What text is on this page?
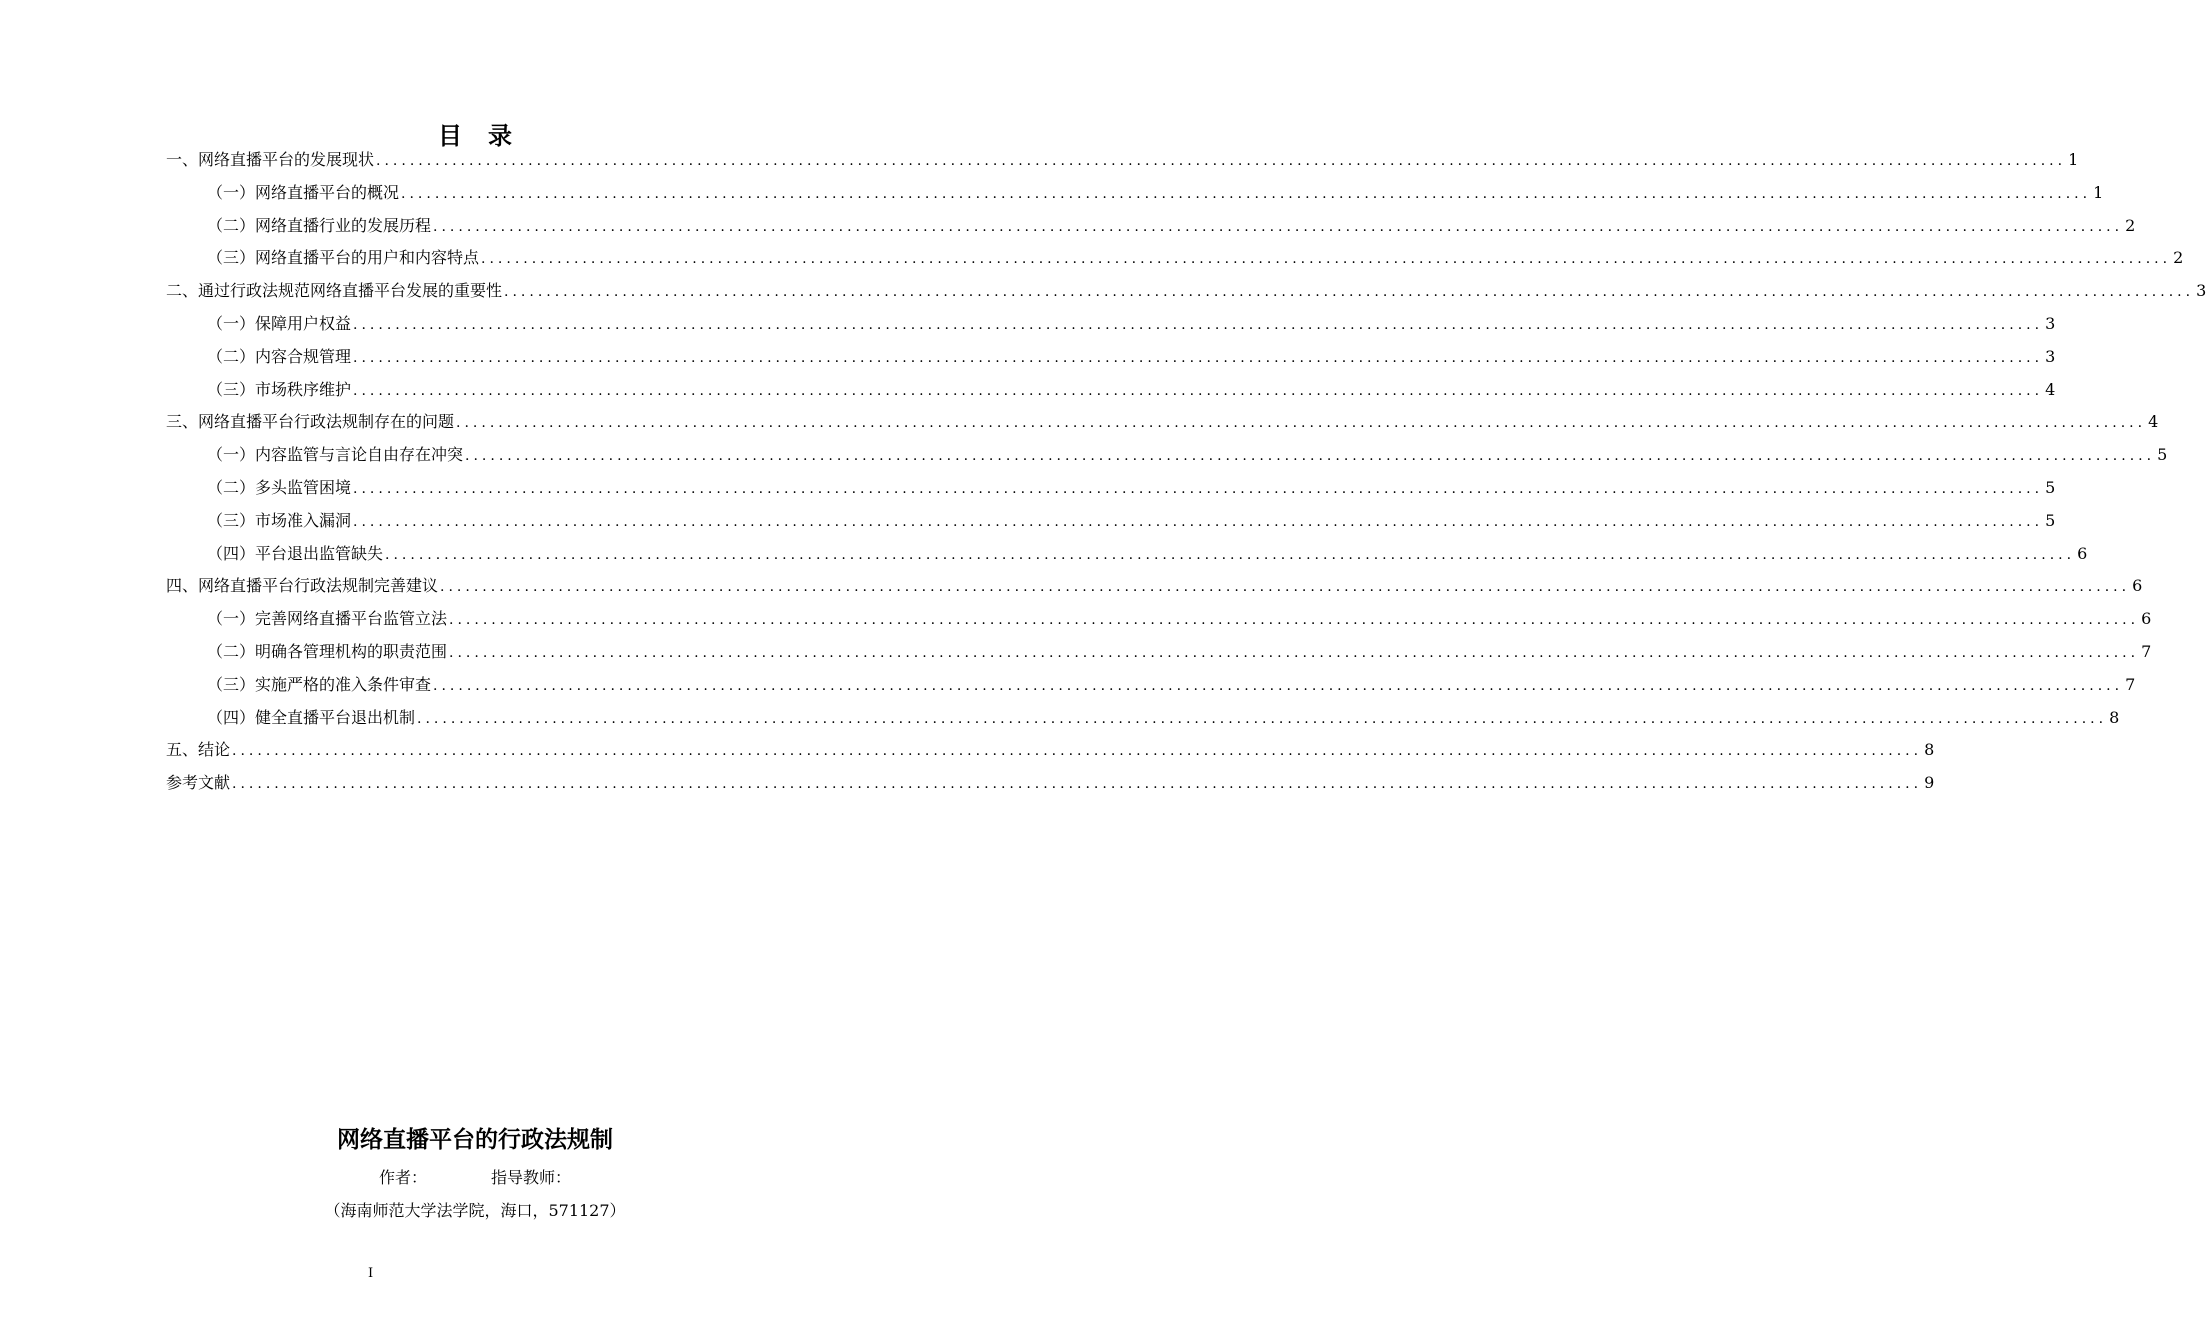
目 录
一、网络直播平台的发展现状 ........................................................................................................................................................................................................ 1
（一）网络直播平台的概况 ........................................................................................................................................................................................................ 1
（二）网络直播行业的发展历程 ........................................................................................................................................................................................................ 2
（三）网络直播平台的用户和内容特点 ........................................................................................................................................................................................................ 2
二、通过行政法规范网络直播平台发展的重要性 ........................................................................................................................................................................................................ 3
（一）保障用户权益 ........................................................................................................................................................................................................ 3
（二）内容合规管理 ........................................................................................................................................................................................................ 3
（三）市场秩序维护 ........................................................................................................................................................................................................ 4
三、网络直播平台行政法规制存在的问题 ........................................................................................................................................................................................................ 4
（一）内容监管与言论自由存在冲突 ........................................................................................................................................................................................................ 5
（二）多头监管困境 ........................................................................................................................................................................................................ 5
（三）市场准入漏洞 ........................................................................................................................................................................................................ 5
（四）平台退出监管缺失 ........................................................................................................................................................................................................ 6
四、网络直播平台行政法规制完善建议 ........................................................................................................................................................................................................ 6
（一）完善网络直播平台监管立法 ........................................................................................................................................................................................................ 6
（二）明确各管理机构的职责范围 ........................................................................................................................................................................................................ 7
（三）实施严格的准入条件审查 ........................................................................................................................................................................................................ 7
（四）健全直播平台退出机制 ........................................................................................................................................................................................................ 8
五、结论 ........................................................................................................................................................................................................ 8
参考文献 ........................................................................................................................................................................................................ 9
网络直播平台的行政法规制
作者：	指导教师：
（海南师范大学法学院，海口，571127）
I
